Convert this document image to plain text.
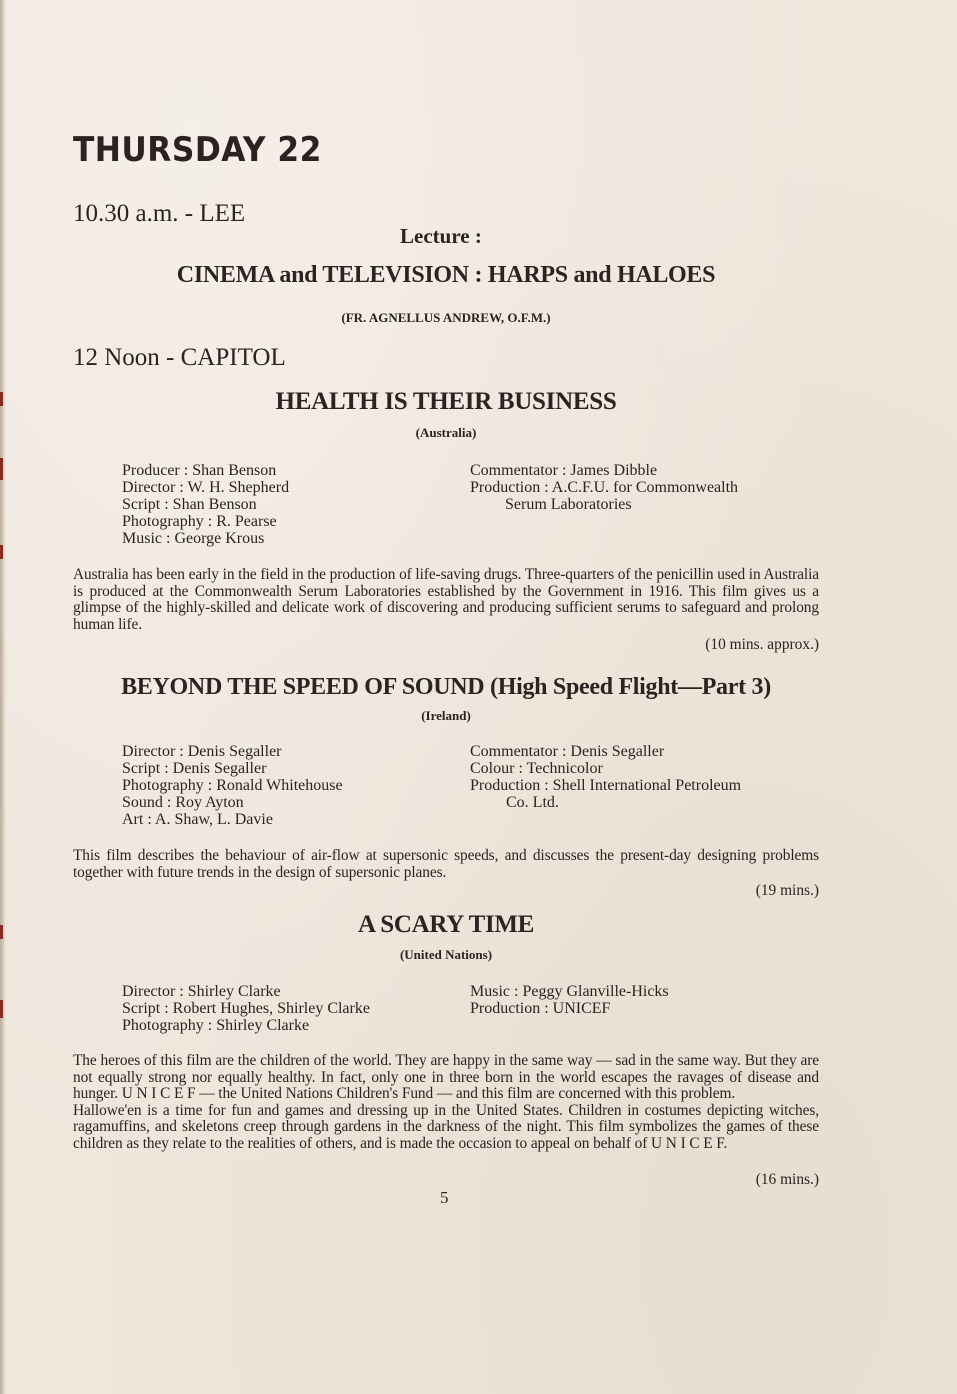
THURSDAY 22
10.30 a.m. - LEE
Lecture :
CINEMA and TELEVISION : HARPS and HALOES
(FR. AGNELLUS ANDREW, O.F.M.)
12 Noon - CAPITOL
HEALTH IS THEIR BUSINESS
(Australia)
Producer : Shan Benson
Director : W. H. Shepherd
Script : Shan Benson
Photography : R. Pearse
Music : George Krous
Commentator : James Dibble
Production : A.C.F.U. for Commonwealth
Serum Laboratories

Australia has been early in the field in the production of life-saving drugs. Three-quarters of the penicillin used in Australia is produced at the Commonwealth Serum Laboratories established by the Government in 1916. This film gives us a glimpse of the highly-skilled and delicate work of discovering and producing sufficient serums to safeguard and prolong human life.

(10 mins. approx.)
BEYOND THE SPEED OF SOUND (High Speed Flight—Part 3)
(Ireland)
Director : Denis Segaller
Script : Denis Segaller
Photography : Ronald Whitehouse
Sound : Roy Ayton
Art : A. Shaw, L. Davie
Commentator : Denis Segaller
Colour : Technicolor
Production : Shell International Petroleum
Co. Ltd.

This film describes the behaviour of air-flow at supersonic speeds, and discusses the present-day designing problems together with future trends in the design of supersonic planes.

(19 mins.)
A SCARY TIME
(United Nations)
Director : Shirley Clarke
Script : Robert Hughes, Shirley Clarke
Photography : Shirley Clarke
Music : Peggy Glanville-Hicks
Production : UNICEF

The heroes of this film are the children of the world. They are happy in the same way — sad in the same way. But they are not equally strong nor equally healthy. In fact, only one in three born in the world escapes the ravages of disease and hunger. U N I C E F — the United Nations Children's Fund — and this film are concerned with this problem.

Hallowe'en is a time for fun and games and dressing up in the United States. Children in costumes depicting witches, ragamuffins, and skeletons creep through gardens in the darkness of the night. This film symbolizes the games of these children as they relate to the realities of others, and is made the occasion to appeal on behalf of U N I C E F.

(16 mins.)
5
